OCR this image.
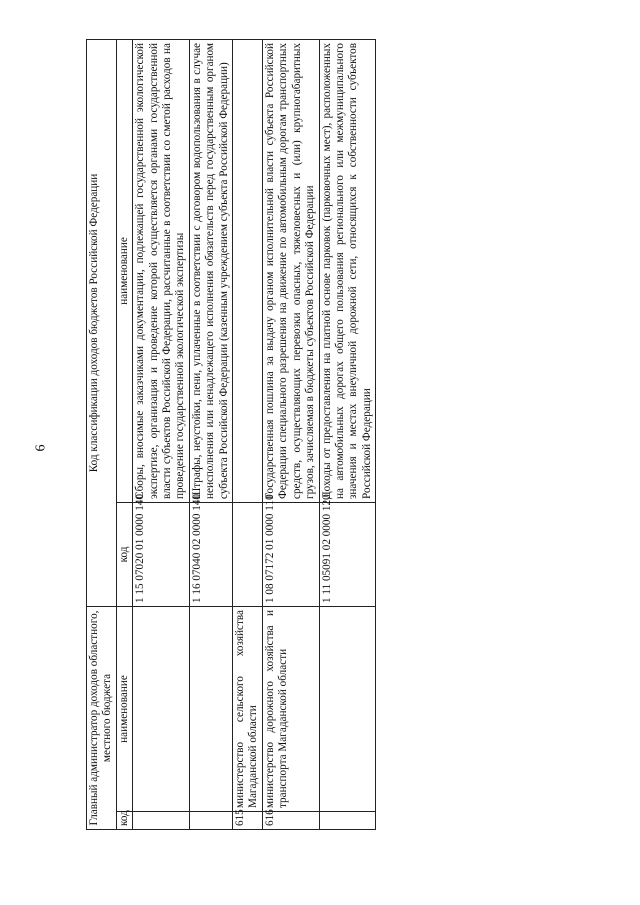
6
Главный администратор доходов областного, местного бюджета		Код классификации доходов бюджетов Российской Федерации	
код	наименование	код	наименование
		1 15 07020 01 0000 140	Сборы, вносимые заказчиками документации, подлежащей государственной экологической экспертизе, организация и проведение которой осуществляется органами государственной власти субъектов Российской Федерации, рассчитанные в соответствии со сметой расходов на проведение государственной экологической экспертизы
		1 16 07040 02 0000 140	Штрафы, неустойки, пени, уплаченные в соответствии с договором водопользования в случае неисполнения или ненадлежащего исполнения обязательств перед государственным органом субъекта Российской Федерации (казенным учреждением субъекта Российской Федерации)
615	министерство сельского хозяйства Магаданской области		
616	министерство дорожного хозяйства и транспорта Магаданской области	1 08 07172 01 0000 110	Государственная пошлина за выдачу органом исполнительной власти субъекта Российской Федерации специального разрешения на движение по автомобильным дорогам транспортных средств, осуществляющих перевозки опасных, тяжеловесных и (или) крупногабаритных грузов, зачисляемая в бюджеты субъектов Российской Федерации
		1 11 05091 02 0000 120	Доходы от предоставления на платной основе парковок (парковочных мест), расположенных на автомобильных дорогах общего пользования регионального или межмуниципального значения и местах внеуличной дорожной сети, относящихся к собственности субъектов Российской Федерации
